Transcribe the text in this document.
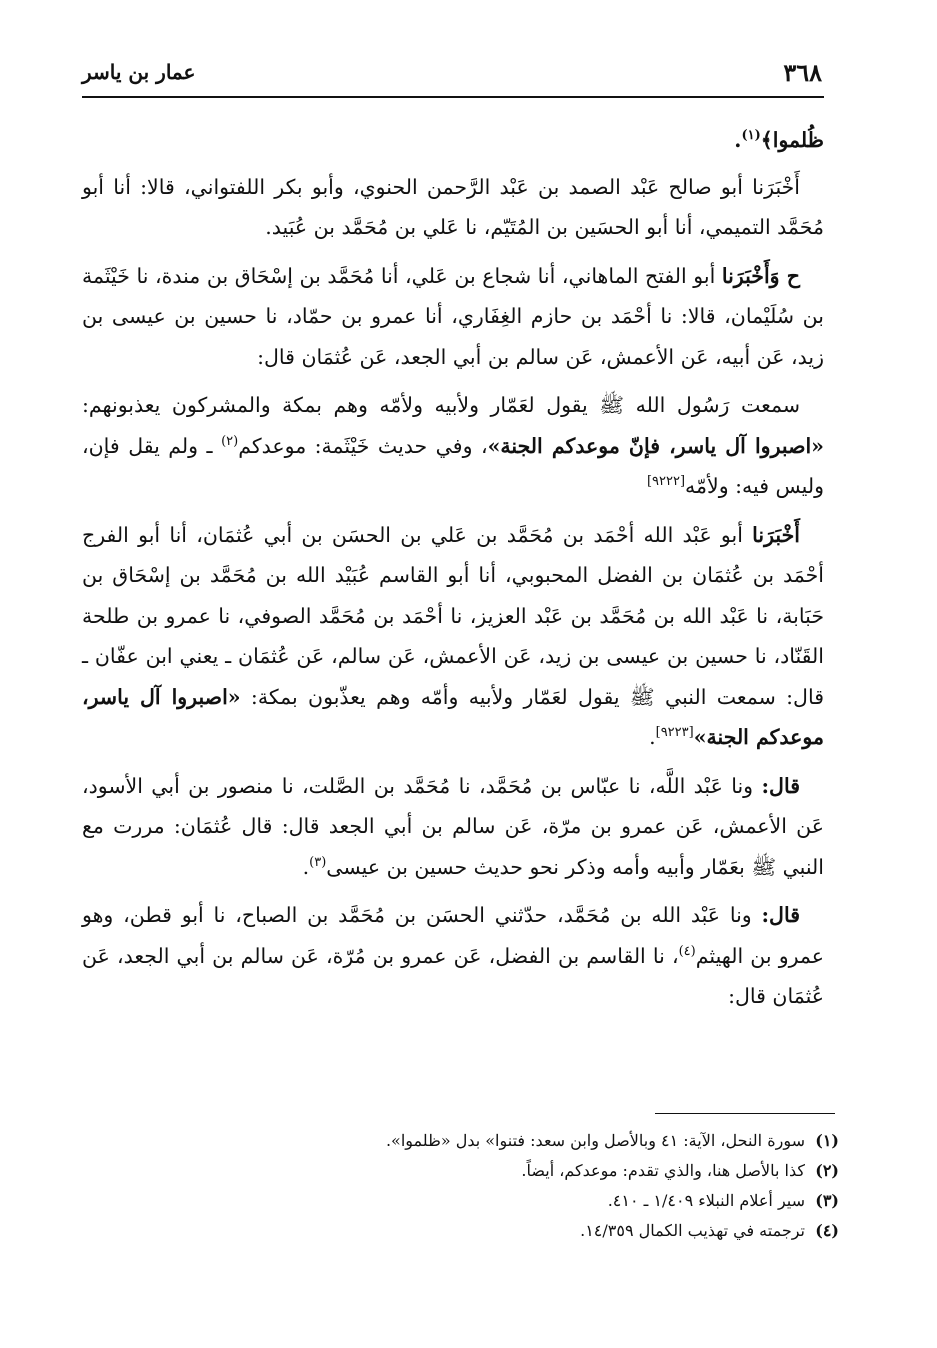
٣٦٨
عمار بن ياسر

ظُلموا﴾$^{(١)}$.

أَخْبَرَنا أبو صالح عَبْد الصمد بن عَبْد الرَّحمن الحنوي، وأبو بكر اللفتواني، قالا: أنا أبو مُحَمَّد التميمي، أنا أبو الحسَين بن المُتَيّم، نا عَلي بن مُحَمَّد بن عُبَيد.

ح وَأَخْبَرَنا أبو الفتح الماهاني، أنا شجاع بن عَلي، أنا مُحَمَّد بن إسْحَاق بن مندة، نا خَيْثَمة بن سُلَيْمان، قالا: نا أحْمَد بن حازم الغِفَاري، أنا عمرو بن حمّاد، نا حسين بن عيسى بن زيد، عَن أبيه، عَن الأعمش، عَن سالم بن أبي الجعد، عَن عُثمَان قال:

سمعت رَسُول الله ﷺ يقول لعَمّار ولأبيه ولأمّه وهم بمكة والمشركون يعذبونهم: «اصبروا آل ياسر، فإنّ موعدكم الجنة»، وفي حديث خَيْثَمة: موعدكم$^{(٢)}$ ـ ولم يقل فإن، وليس فيه: ولأمّه[٩٢٢٢]

أَخْبَرَنا أبو عَبْد الله أحْمَد بن مُحَمَّد بن عَلي بن الحسَن بن أبي عُثمَان، أنا أبو الفرج أحْمَد بن عُثمَان بن الفضل المحبوبي، أنا أبو القاسم عُبَيْد الله بن مُحَمَّد بن إسْحَاق بن حَبَابة، نا عَبْد الله بن مُحَمَّد بن عَبْد العزيز، نا أحْمَد بن مُحَمَّد الصوفي، نا عمرو بن طلحة القَنّاد، نا حسين بن عيسى بن زيد، عَن الأعمش، عَن سالم، عَن عُثمَان ـ يعني ابن عفّان ـ قال: سمعت النبي ﷺ يقول لعَمّار ولأبيه وأمّه وهم يعذّبون بمكة: «اصبروا آل ياسر، موعدكم الجنة»[٩٢٢٣].

قال: ونا عَبْد اللَّه، نا عبّاس بن مُحَمَّد، نا مُحَمَّد بن الصَّلت، نا منصور بن أبي الأسود، عَن الأعمش، عَن عمرو بن مرّة، عَن سالم بن أبي الجعد قال: قال عُثمَان: مررت مع النبي ﷺ بعَمّار وأبيه وأمه وذكر نحو حديث حسين بن عيسى$^{(٣)}$.

قال: ونا عَبْد الله بن مُحَمَّد، حدّثني الحسَن بن مُحَمَّد بن الصباح، نا أبو قطن، وهو عمرو بن الهيثم$^{(٤)}$، نا القاسم بن الفضل، عَن عمرو بن مُرّة، عَن سالم بن أبي الجعد، عَن عُثمَان قال:

(١)سورة النحل، الآية: ٤١ وبالأصل وابن سعد: فتنوا» بدل «ظلموا».
(٢)كذا بالأصل هنا، والذي تقدم: موعدكم، أيضاً.
(٣)سير أعلام النبلاء ١/٤٠٩ ـ ٤١٠.
(٤)ترجمته في تهذيب الكمال ١٤/٣٥٩.
